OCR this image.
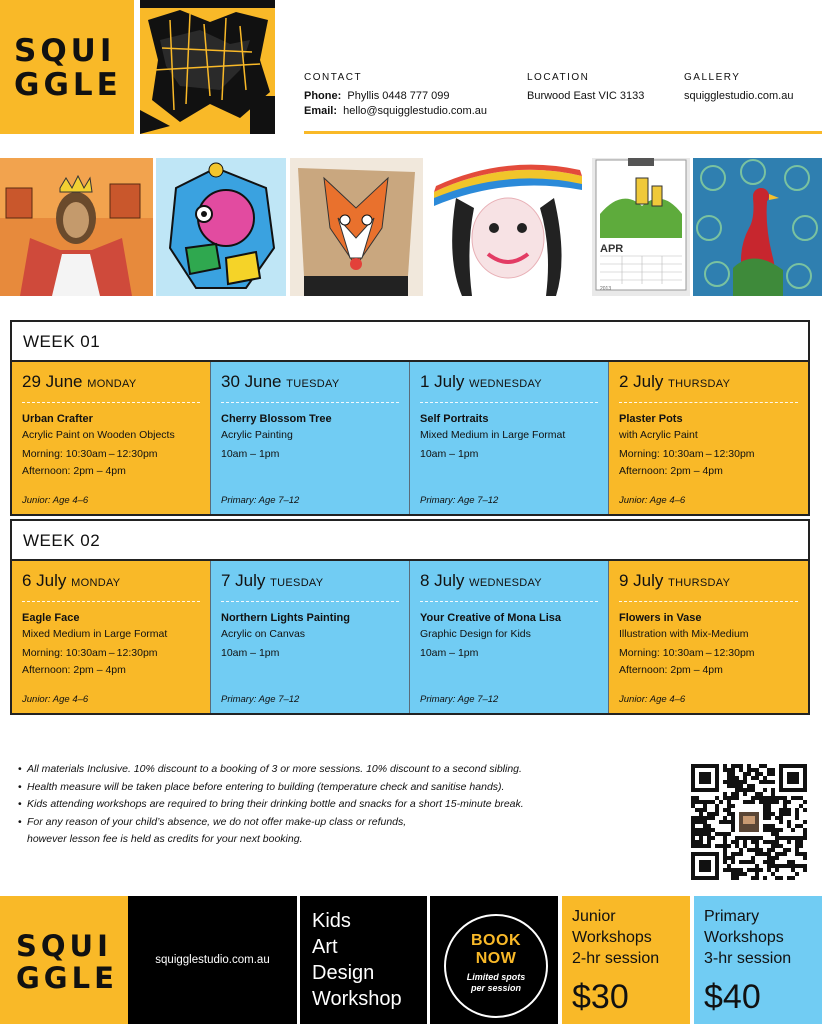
SQUI
GGLE	CONTACT
Phone: Phyllis 0448 777 099
Email: hello@squigglestudio.com.au
LOCATION
Burwood East VIC 3133
GALLERY
squigglestudio.com.au
APR
2013
WEEK 01
29 June MONDAY
Urban Crafter
Acrylic Paint on Wooden Objects
Morning: 10:30am – 12:30pm
Afternoon: 2pm – 4pm
Junior: Age 4–6
30 June TUESDAY
Cherry Blossom Tree
Acrylic Painting
10am – 1pm
Primary: Age 7–12
1 July WEDNESDAY
Self Portraits
Mixed Medium in Large Format
10am – 1pm
Primary: Age 7–12
2 July THURSDAY
Plaster Pots
with Acrylic Paint
Morning: 10:30am – 12:30pm
Afternoon: 2pm – 4pm
Junior: Age 4–6
WEEK 02
6 July MONDAY
Eagle Face
Mixed Medium in Large Format
Morning: 10:30am – 12:30pm
Afternoon: 2pm – 4pm
Junior: Age 4–6
7 July TUESDAY
Northern Lights Painting
Acrylic on Canvas
10am – 1pm
Primary: Age 7–12
8 July WEDNESDAY
Your Creative of Mona Lisa
Graphic Design for Kids
10am – 1pm
Primary: Age 7–12
9 July THURSDAY
Flowers in Vase
Illustration with Mix-Medium
Morning: 10:30am – 12:30pm
Afternoon: 2pm – 4pm
Junior: Age 4–6
• All materials Inclusive. 10% discount to a booking of 3 or more sessions. 10% discount to a second sibling.
• Health measure will be taken place before entering to building (temperature check and sanitise hands).
• Kids attending workshops are required to bring their drinking bottle and snacks for a short 15-minute break.
• For any reason of your child’s absence, we do not offer make-up class or refunds,
however lesson fee is held as credits for your next booking.
SQUI
GGLE
squigglestudio.com.au
Kids
Art
Design
Workshop
BOOK
NOW
Limited spots
per session
Junior
Workshops
2-hr session
$30
Primary
Workshops
3-hr session
$40
